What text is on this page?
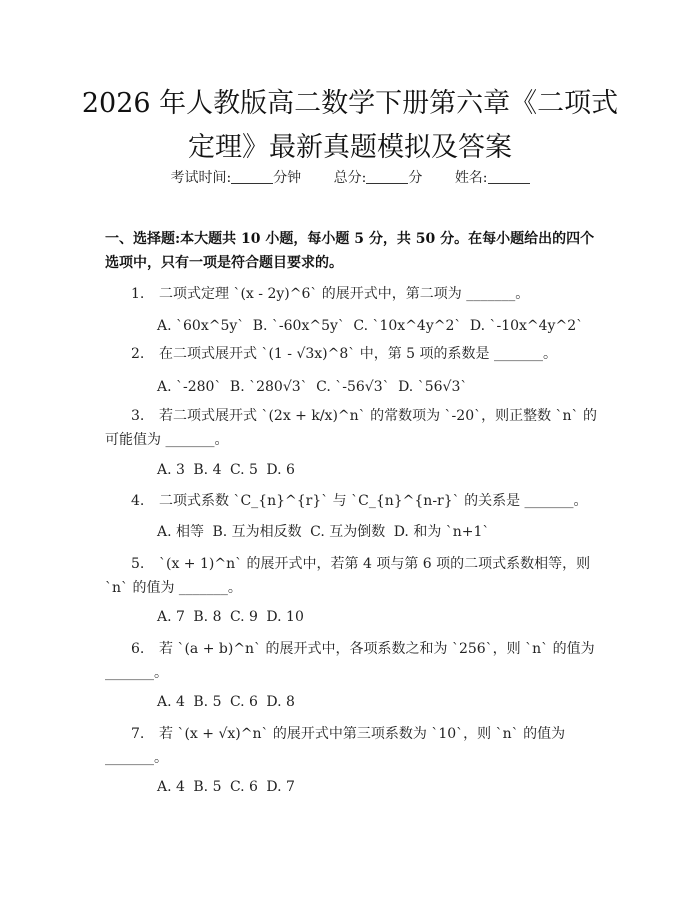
2026 年人教版高二数学下册第六章《二项式
定理》最新真题模拟及答案
考试时间:	分钟 总分:	分 姓名:

一、选择题:本大题共 10 小题，每小题 5 分，共 50 分。在每小题给出的四个选项中，只有一项是符合题目要求的。

1. 二项式定理 `(x - 2y)^6` 的展开式中，第二项为 _______。

A. `60x^5y` B. `-60x^5y` C. `10x^4y^2` D. `-10x^4y^2`

2. 在二项式展开式 `(1 - √3x)^8` 中，第 5 项的系数是 _______。

A. `-280` B. `280√3` C. `-56√3` D. `56√3`

3. 若二项式展开式 `(2x + k/x)^n` 的常数项为 `-20`，则正整数 `n` 的可能值为 _______。

A. 3 B. 4 C. 5 D. 6

4. 二项式系数 `C_{n}^{r}` 与 `C_{n}^{n-r}` 的关系是 _______。

A. 相等 B. 互为相反数 C. 互为倒数 D. 和为 `n+1`

5. `(x + 1)^n` 的展开式中，若第 4 项与第 6 项的二项式系数相等，则 `n` 的值为 _______。

A. 7 B. 8 C. 9 D. 10

6. 若 `(a + b)^n` 的展开式中，各项系数之和为 `256`，则 `n` 的值为 _______。

A. 4 B. 5 C. 6 D. 8

7. 若 `(x + √x)^n` 的展开式中第三项系数为 `10`，则 `n` 的值为 _______。

A. 4 B. 5 C. 6 D. 7
